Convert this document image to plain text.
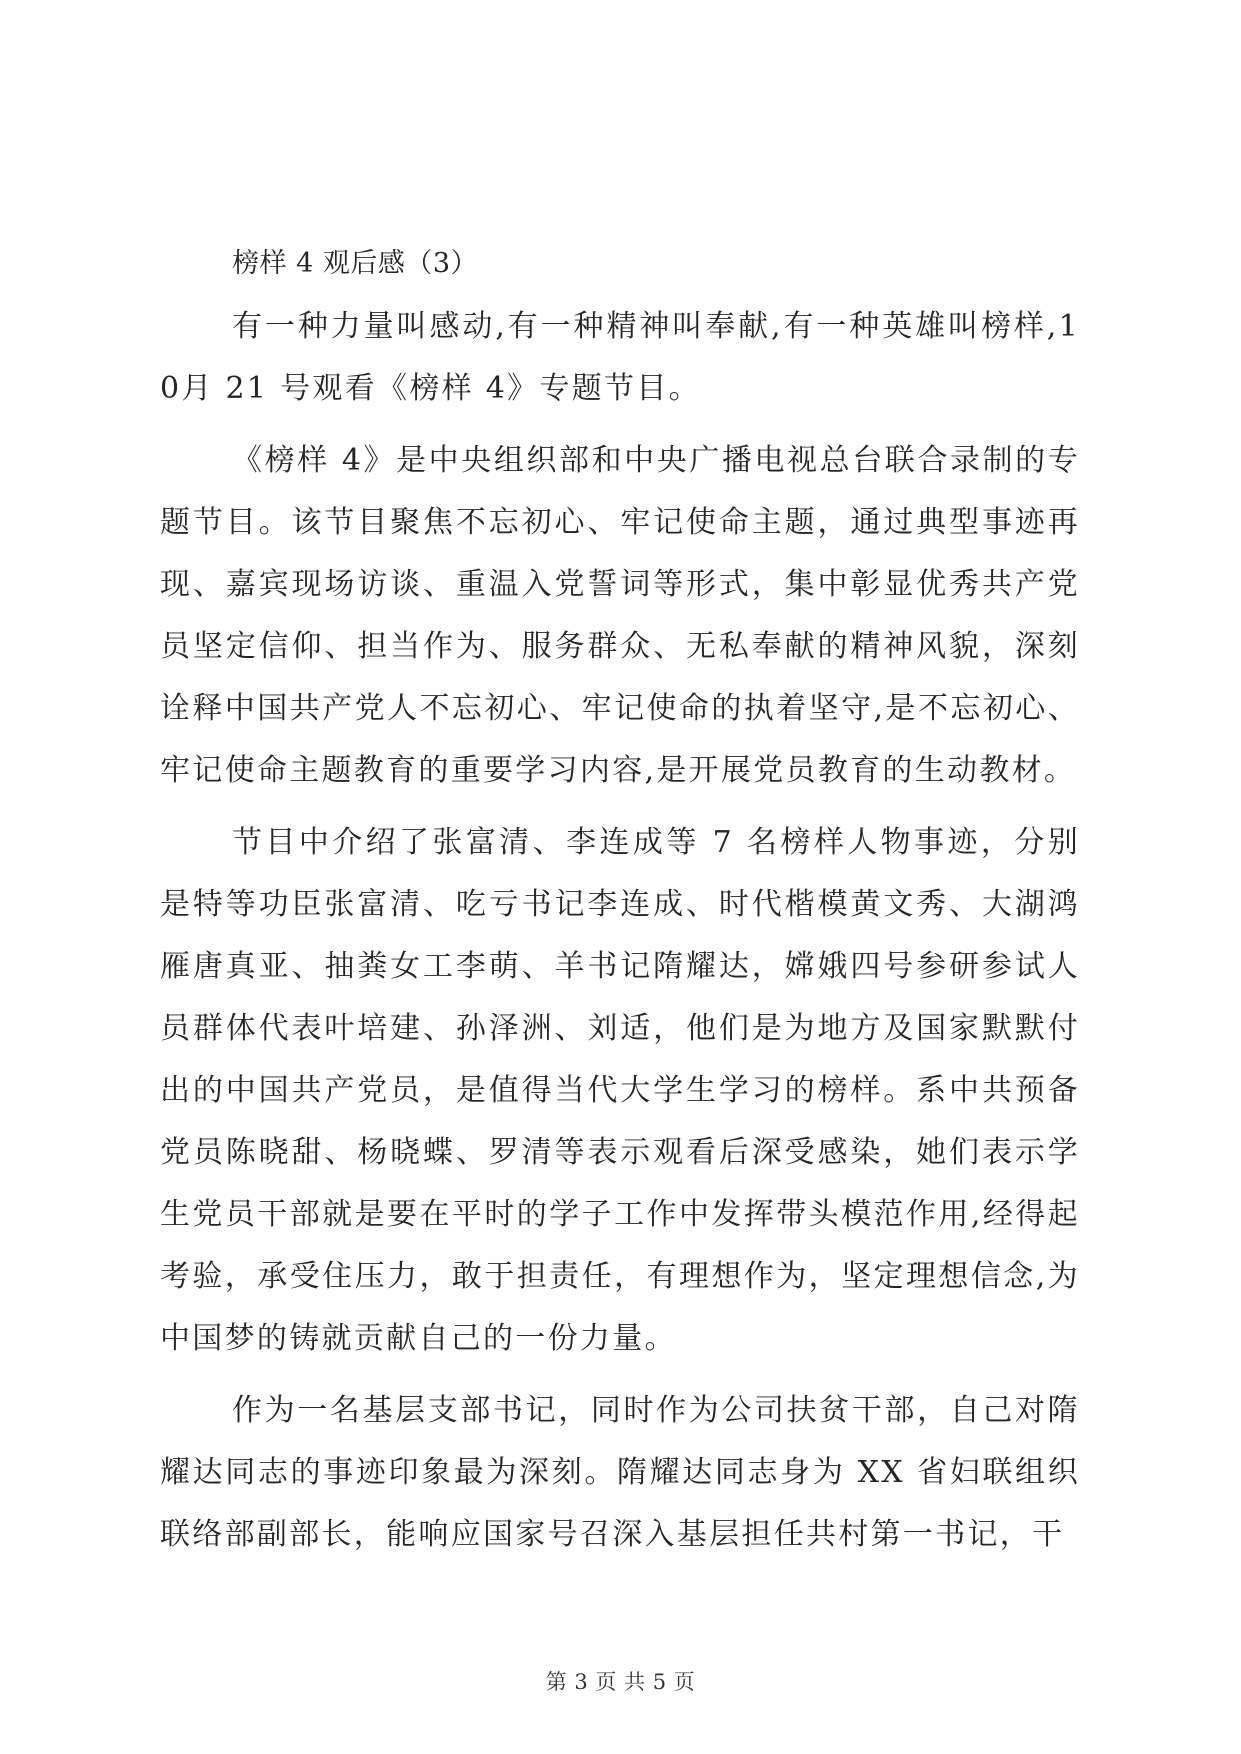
榜样 4 观后感（3）

有一种力量叫感动,有一种精神叫奉献,有一种英雄叫榜样,10月 21 号观看《榜样 4》专题节目。

《榜样 4》是中央组织部和中央广播电视总台联合录制的专题节目。该节目聚焦不忘初心、牢记使命主题，通过典型事迹再现、嘉宾现场访谈、重温入党誓词等形式，集中彰显优秀共产党员坚定信仰、担当作为、服务群众、无私奉献的精神风貌，深刻诠释中国共产党人不忘初心、牢记使命的执着坚守,是不忘初心、牢记使命主题教育的重要学习内容,是开展党员教育的生动教材。

节目中介绍了张富清、李连成等 7 名榜样人物事迹，分别是特等功臣张富清、吃亏书记李连成、时代楷模黄文秀、大湖鸿雁唐真亚、抽粪女工李萌、羊书记隋耀达，嫦娥四号参研参试人员群体代表叶培建、孙泽洲、刘适，他们是为地方及国家默默付出的中国共产党员，是值得当代大学生学习的榜样。系中共预备党员陈晓甜、杨晓蝶、罗清等表示观看后深受感染，她们表示学生党员干部就是要在平时的学子工作中发挥带头模范作用,经得起考验，承受住压力，敢于担责任，有理想作为，坚定理想信念,为中国梦的铸就贡献自己的一份力量。

作为一名基层支部书记，同时作为公司扶贫干部，自己对隋耀达同志的事迹印象最为深刻。隋耀达同志身为 XX 省妇联组织联络部副部长，能响应国家号召深入基层担任共村第一书记，干

第 3 页 共 5 页
